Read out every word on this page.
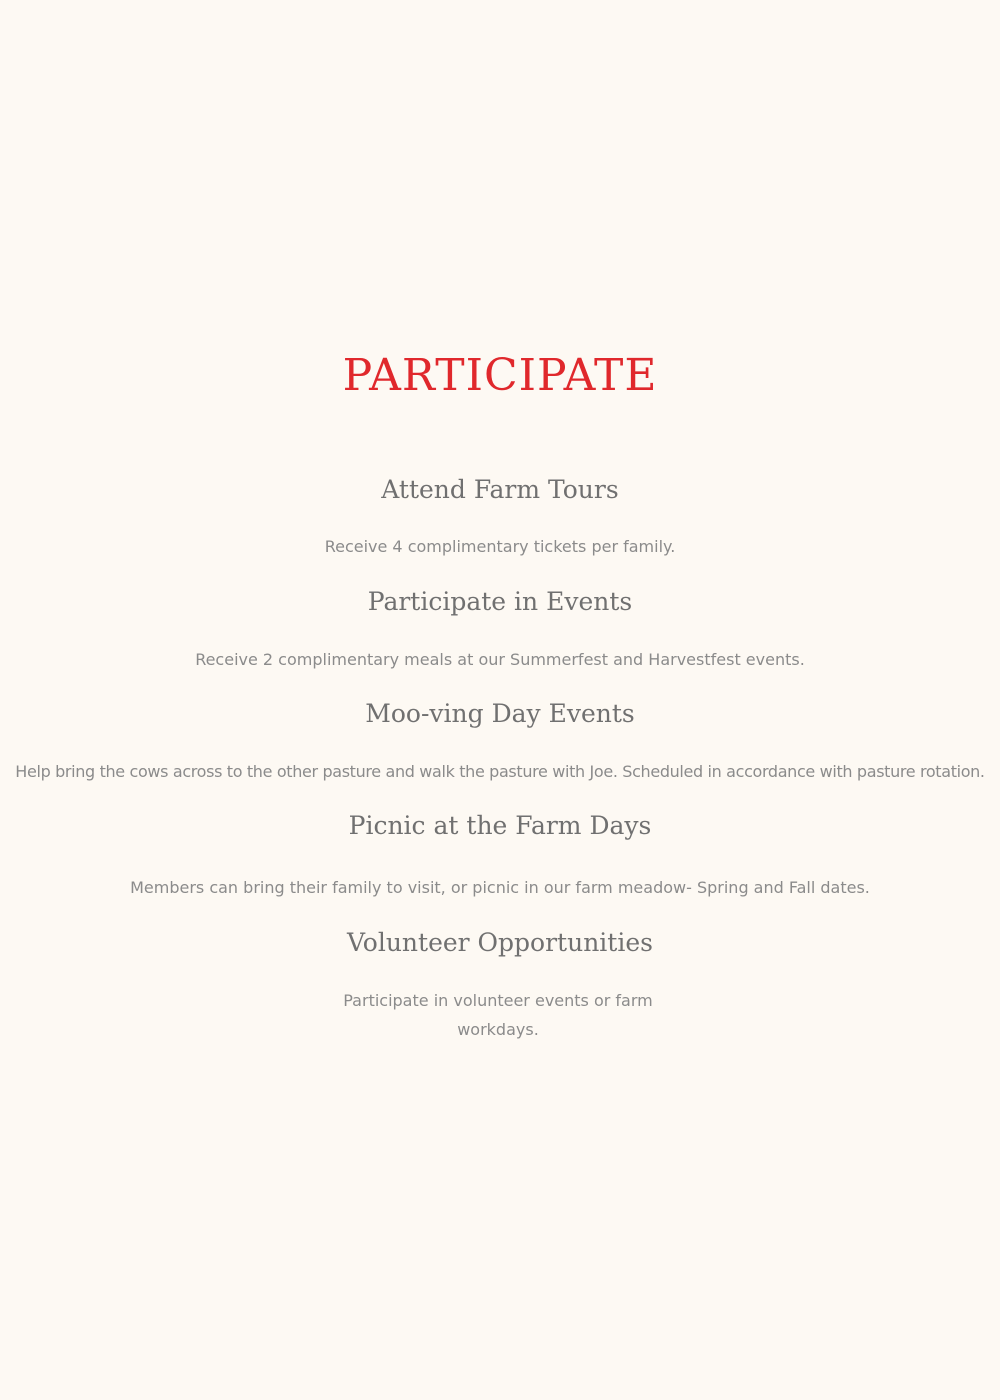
PARTICIPATE
Attend Farm Tours

Receive 4 complimentary tickets per family.

Participate in Events

Receive 2 complimentary meals at our Summerfest and Harvestfest events.

Moo-ving Day Events

Help bring the cows across to the other pasture and walk the pasture with Joe. Scheduled in accordance with pasture rotation.

Picnic at the Farm Days

Members can bring their family to visit, or picnic in our farm meadow- Spring and Fall dates.

Volunteer Opportunities

Participate in volunteer events or farm workdays.
